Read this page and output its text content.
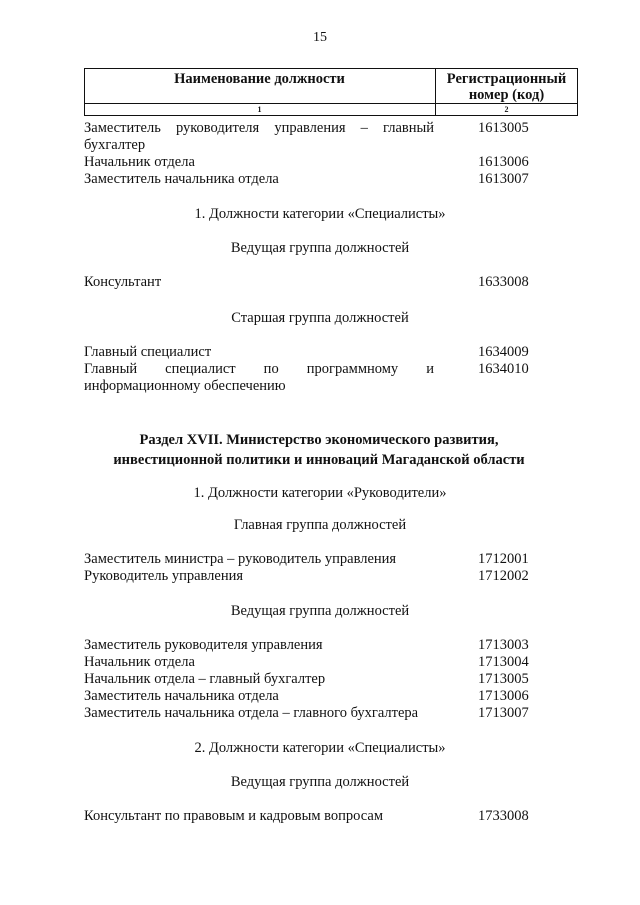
15
Наименование должности	Регистрационный
номер (код)
1	2
Заместитель руководителя управления – главный	1613005
бухгалтер
Начальник отдела	1613006
Заместитель начальника отдела	1613007
1. Должности категории «Специалисты»
Ведущая группа должностей
Консультант	1633008
Старшая группа должностей
Главный специалист	1634009
Главный специалист по программному и	1634010
информационному обеспечению
Раздел XVII. Министерство экономического развития,
инвестиционной политики и инноваций Магаданской области
1. Должности категории «Руководители»
Главная группа должностей
Заместитель министра – руководитель управления	1712001
Руководитель управления	1712002
Ведущая группа должностей
Заместитель руководителя управления	1713003
Начальник отдела	1713004
Начальник отдела – главный бухгалтер	1713005
Заместитель начальника отдела	1713006
Заместитель начальника отдела – главного бухгалтера	1713007
2. Должности категории «Специалисты»
Ведущая группа должностей
Консультант по правовым и кадровым вопросам	1733008
